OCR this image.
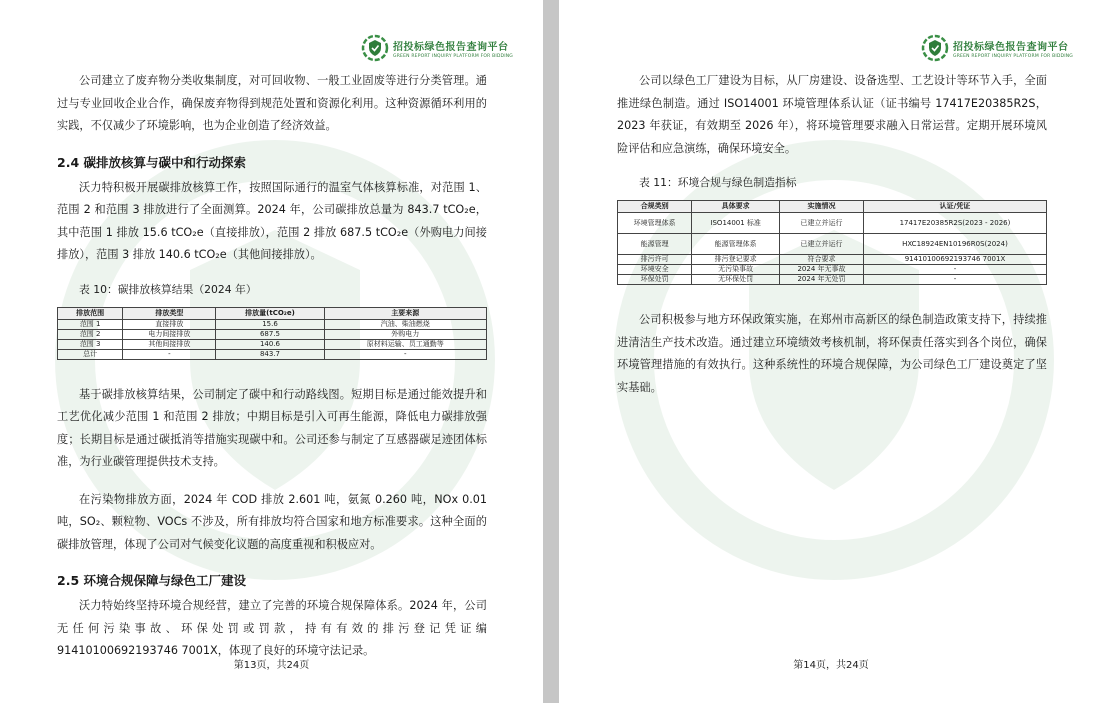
招投标绿色报告查询平台
GREEN REPORT INQUIRY PLATFORM FOR BIDDING

公司建立了废弃物分类收集制度，对可回收物、一般工业固废等进行分类管理。通过与专业回收企业合作，确保废弃物得到规范处置和资源化利用。这种资源循环利用的实践，不仅减少了环境影响，也为企业创造了经济效益。

2.4 碳排放核算与碳中和行动探索

沃力特积极开展碳排放核算工作，按照国际通行的温室气体核算标准，对范围 1、范围 2 和范围 3 排放进行了全面测算。2024 年，公司碳排放总量为 843.7 tCO₂e，其中范围 1 排放 15.6 tCO₂e（直接排放），范围 2 排放 687.5 tCO₂e（外购电力间接排放），范围 3 排放 140.6 tCO₂e（其他间接排放）。

表 10：碳排放核算结果（2024 年）
排放范围	排放类型	排放量(tCO₂e)	主要来源
范围 1	直接排放	15.6	汽油、柴油燃烧
范围 2	电力间接排放	687.5	外购电力
范围 3	其他间接排放	140.6	原材料运输、员工通勤等
总计	-	843.7	-

基于碳排放核算结果，公司制定了碳中和行动路线图。短期目标是通过能效提升和工艺优化减少范围 1 和范围 2 排放；中期目标是引入可再生能源，降低电力碳排放强度；长期目标是通过碳抵消等措施实现碳中和。公司还参与制定了互感器碳足迹团体标准，为行业碳管理提供技术支持。

在污染物排放方面，2024 年 COD 排放 2.601 吨，氨氮 0.260 吨，NOx 0.01 吨，SO₂、颗粒物、VOCs 不涉及，所有排放均符合国家和地方标准要求。这种全面的碳排放管理，体现了公司对气候变化议题的高度重视和积极应对。

2.5 环境合规保障与绿色工厂建设

沃力特始终坚持环境合规经营，建立了完善的环境合规保障体系。2024 年，公司无任何污染事故、环保处罚或罚款，持有有效的排污登记凭证编 91410100692193746 7001X，体现了良好的环境守法记录。

第13页，共24页
招投标绿色报告查询平台
GREEN REPORT INQUIRY PLATFORM FOR BIDDING

公司以绿色工厂建设为目标，从厂房建设、设备选型、工艺设计等环节入手，全面推进绿色制造。通过 ISO14001 环境管理体系认证（证书编号 17417E20385R2S，2023 年获证，有效期至 2026 年），将环境管理要求融入日常运营。定期开展环境风险评估和应急演练，确保环境安全。

表 11：环境合规与绿色制造指标
合规类别	具体要求	实施情况	认证/凭证
环境管理体系	ISO14001 标准	已建立并运行	17417E20385R2S(2023 - 2026)
能源管理	能源管理体系	已建立并运行	HXC18924EN10196R0S(2024)
排污许可	排污登记要求	符合要求	91410100692193746 7001X
环境安全	无污染事故	2024 年无事故	-
环保处罚	无环保处罚	2024 年无处罚	-

公司积极参与地方环保政策实施，在郑州市高新区的绿色制造政策支持下，持续推进清洁生产技术改造。通过建立环境绩效考核机制，将环保责任落实到各个岗位，确保环境管理措施的有效执行。这种系统性的环境合规保障，为公司绿色工厂建设奠定了坚实基础。

第14页，共24页
